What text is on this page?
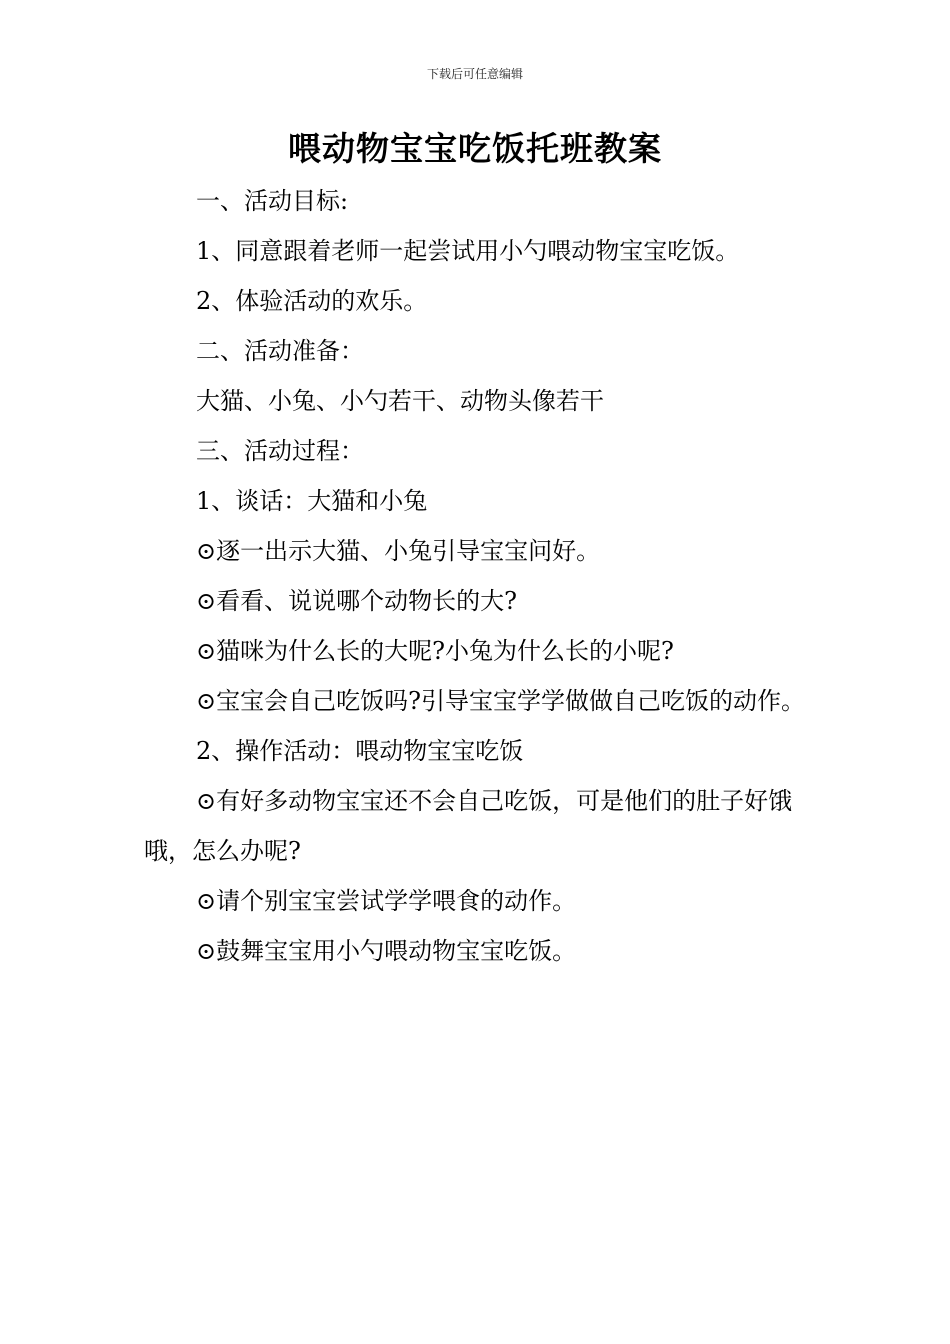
下载后可任意编辑
喂动物宝宝吃饭托班教案

一、活动目标:

1、同意跟着老师一起尝试用小勺喂动物宝宝吃饭。

2、体验活动的欢乐。

二、活动准备：

大猫、小兔、小勺若干、动物头像若干

三、活动过程：

1、谈话：大猫和小兔

⊙逐一出示大猫、小兔引导宝宝问好。

⊙看看、说说哪个动物长的大?

⊙猫咪为什么长的大呢?小兔为什么长的小呢?

⊙宝宝会自己吃饭吗?引导宝宝学学做做自己吃饭的动作。

2、操作活动：喂动物宝宝吃饭

⊙有好多动物宝宝还不会自己吃饭，可是他们的肚子好饿哦，怎么办呢?

⊙请个别宝宝尝试学学喂食的动作。

⊙鼓舞宝宝用小勺喂动物宝宝吃饭。
